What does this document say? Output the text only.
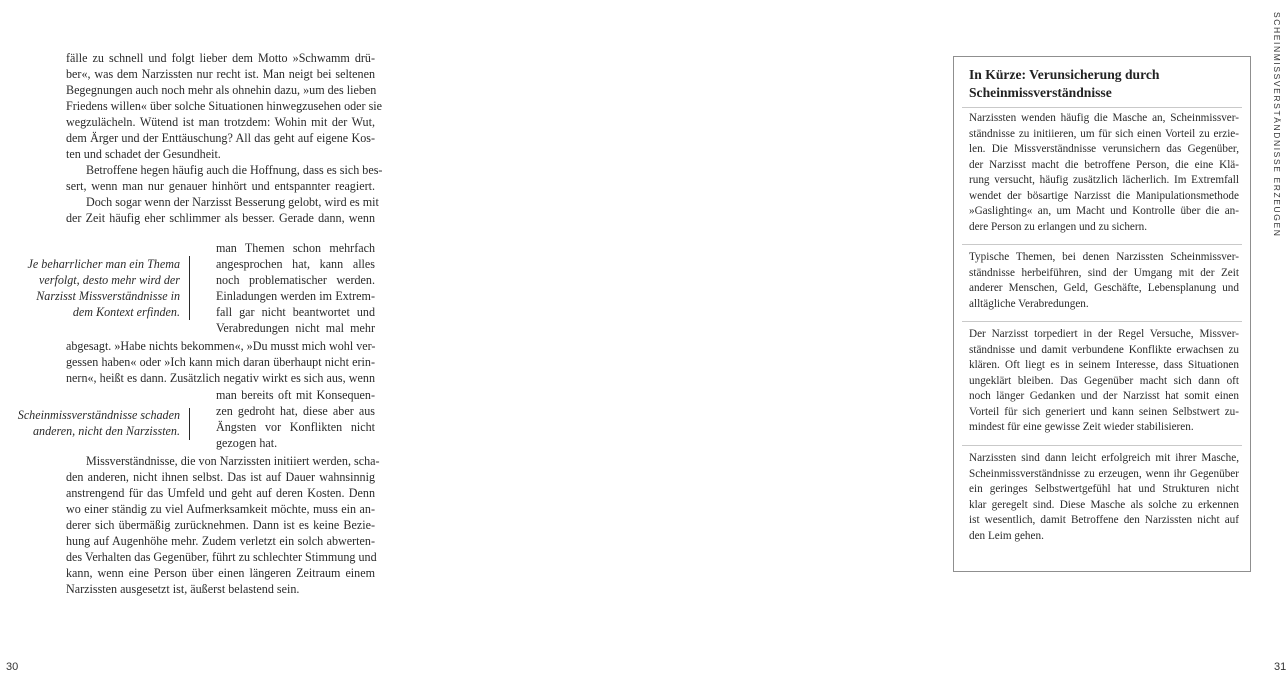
fälle zu schnell und folgt lieber dem Motto »Schwamm drü-
ber«, was dem Narzissten nur recht ist. Man neigt bei seltenen
Begegnungen auch noch mehr als ohnehin dazu, »um des lieben
Friedens willen« über solche Situationen hinwegzusehen oder sie
wegzulächeln. Wütend ist man trotzdem: Wohin mit der Wut,
dem Ärger und der Enttäuschung? All das geht auf eigene Kos-
ten und schadet der Gesundheit.
Betroffene hegen häufig auch die Hoffnung, dass es sich bes-
sert, wenn man nur genauer hinhört und entspannter reagiert.
Doch sogar wenn der Narzisst Besserung gelobt, wird es mit
der Zeit häufig eher schlimmer als besser. Gerade dann, wenn
man Themen schon mehrfach
angesprochen hat, kann alles
noch problematischer werden.
Einladungen werden im Extrem-
fall gar nicht beantwortet und
Verabredungen nicht mal mehr
abgesagt. »Habe nichts bekommen«, »Du musst mich wohl ver-
gessen haben« oder »Ich kann mich daran überhaupt nicht erin-
nern«, heißt es dann. Zusätzlich negativ wirkt es sich aus, wenn
man bereits oft mit Konsequen-
zen gedroht hat, diese aber aus
Ängsten vor Konflikten nicht
gezogen hat.
Missverständnisse, die von Narzissten initiiert werden, scha-
den anderen, nicht ihnen selbst. Das ist auf Dauer wahnsinnig
anstrengend für das Umfeld und geht auf deren Kosten. Denn
wo einer ständig zu viel Aufmerksamkeit möchte, muss ein an-
derer sich übermäßig zurücknehmen. Dann ist es keine Bezie-
hung auf Augenhöhe mehr. Zudem verletzt ein solch abwerten-
des Verhalten das Gegenüber, führt zu schlechter Stimmung und
kann, wenn eine Person über einen längeren Zeitraum einem
Narzissten ausgesetzt ist, äußerst belastend sein.
Je beharrlicher man ein Thema
verfolgt, desto mehr wird der
Narzisst Missverständnisse in
dem Kontext erfinden.
Scheinmissverständnisse schaden
anderen, nicht den Narzissten.
30
SCHEINMISSVERSTÄNDNISSE ERZEUGEN
In Kürze: Verunsicherung durch
Scheinmissverständnisse
Narzissten wenden häufig die Masche an, Scheinmissver-
ständnisse zu initiieren, um für sich einen Vorteil zu erzie-
len. Die Missverständnisse verunsichern das Gegenüber,
der Narzisst macht die betroffene Person, die eine Klä-
rung versucht, häufig zusätzlich lächerlich. Im Extremfall
wendet der bösartige Narzisst die Manipulationsmethode
»Gaslighting« an, um Macht und Kontrolle über die an-
dere Person zu erlangen und zu sichern.
Typische Themen, bei denen Narzissten Scheinmissver-
ständnisse herbeiführen, sind der Umgang mit der Zeit
anderer Menschen, Geld, Geschäfte, Lebensplanung und
alltägliche Verabredungen.
Der Narzisst torpediert in der Regel Versuche, Missver-
ständnisse und damit verbundene Konflikte erwachsen zu
klären. Oft liegt es in seinem Interesse, dass Situationen
ungeklärt bleiben. Das Gegenüber macht sich dann oft
noch länger Gedanken und der Narzisst hat somit einen
Vorteil für sich generiert und kann seinen Selbstwert zu-
mindest für eine gewisse Zeit wieder stabilisieren.
Narzissten sind dann leicht erfolgreich mit ihrer Masche,
Scheinmissverständnisse zu erzeugen, wenn ihr Gegenüber
ein geringes Selbstwertgefühl hat und Strukturen nicht
klar geregelt sind. Diese Masche als solche zu erkennen
ist wesentlich, damit Betroffene den Narzissten nicht auf
den Leim gehen.
31
